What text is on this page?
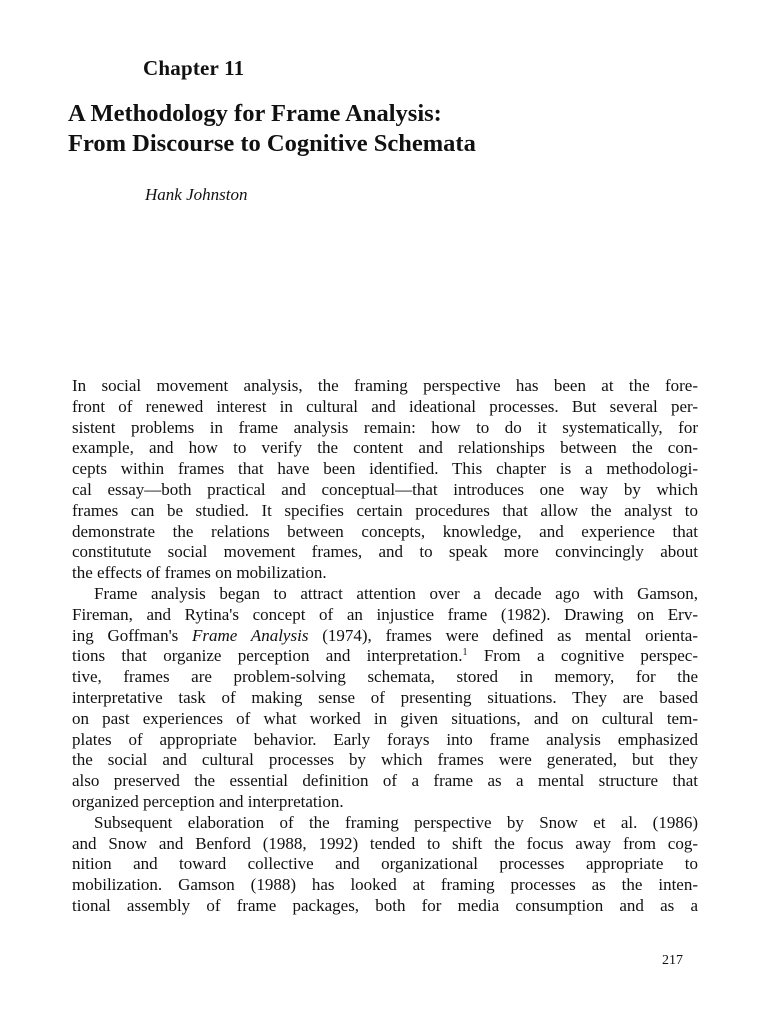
Chapter 11
A Methodology for Frame Analysis:
From Discourse to Cognitive Schemata
Hank Johnston
In social movement analysis, the framing perspective has been at the fore-
front of renewed interest in cultural and ideational processes. But several per-
sistent problems in frame analysis remain: how to do it systematically, for
example, and how to verify the content and relationships between the con-
cepts within frames that have been identified. This chapter is a methodologi-
cal essay—both practical and conceptual—that introduces one way by which
frames can be studied. It specifies certain procedures that allow the analyst to
demonstrate the relations between concepts, knowledge, and experience that
constitutute social movement frames, and to speak more convincingly about
the effects of frames on mobilization.
Frame analysis began to attract attention over a decade ago with Gamson,
Fireman, and Rytina's concept of an injustice frame (1982). Drawing on Erv-
ing Goffman's Frame Analysis (1974), frames were defined as mental orienta-
tions that organize perception and interpretation.$^1$ From a cognitive perspec-
tive, frames are problem-solving schemata, stored in memory, for the
interpretative task of making sense of presenting situations. They are based
on past experiences of what worked in given situations, and on cultural tem-
plates of appropriate behavior. Early forays into frame analysis emphasized
the social and cultural processes by which frames were generated, but they
also preserved the essential definition of a frame as a mental structure that
organized perception and interpretation.
Subsequent elaboration of the framing perspective by Snow et al. (1986)
and Snow and Benford (1988, 1992) tended to shift the focus away from cog-
nition and toward collective and organizational processes appropriate to
mobilization. Gamson (1988) has looked at framing processes as the inten-
tional assembly of frame packages, both for media consumption and as a
217
